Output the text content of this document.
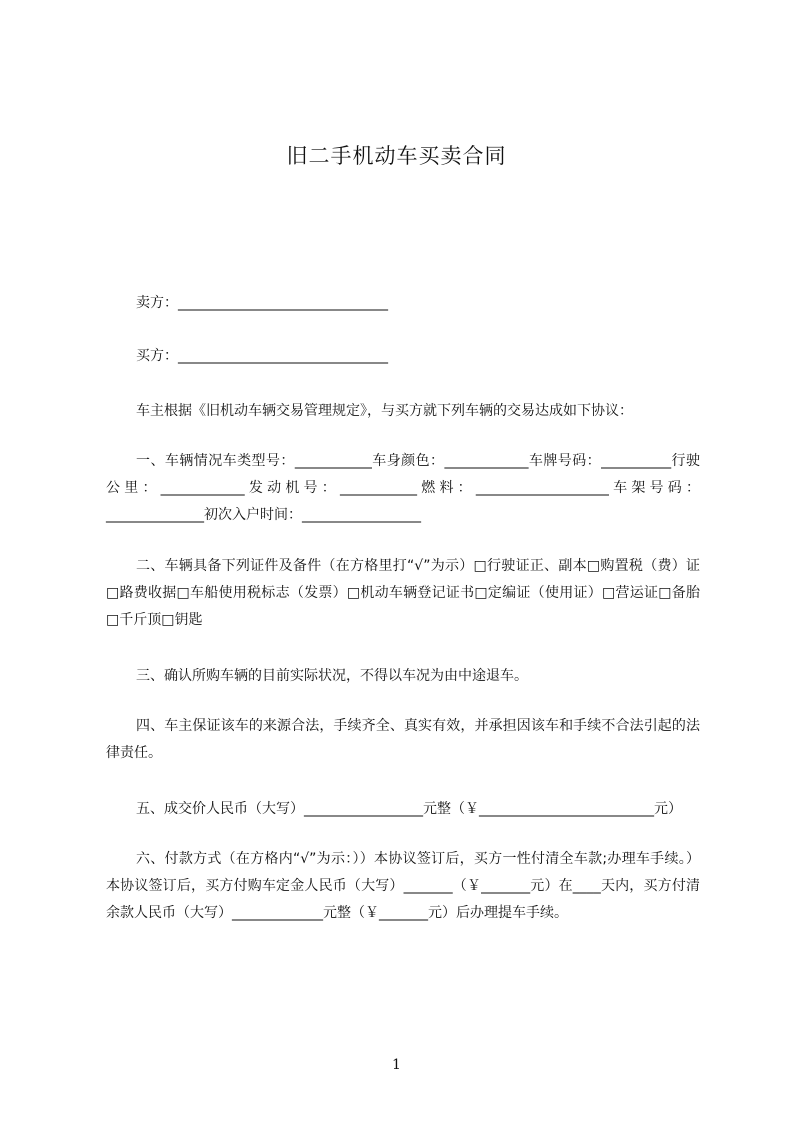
旧二手机动车买卖合同
卖方：______________________________
买方：______________________________
车主根据《旧机动车辆交易管理规定》，与买方就下列车辆的交易达成如下协议：
一、车辆情况车类型号：___________车身颜色：____________车牌号码：__________行驶公里：____________发动机号：___________燃料：___________________车架号码：______________初次入户时间：_________________
二、车辆具备下列证件及备件（在方格里打“√”为示）□行驶证正、副本□购置税（费）证□路费收据□车船使用税标志（发票）□机动车辆登记证书□定编证（使用证）□营运证□备胎□千斤顶□钥匙
三、确认所购车辆的目前实际状况，不得以车况为由中途退车。
四、车主保证该车的来源合法，手续齐全、真实有效，并承担因该车和手续不合法引起的法律责任。
五、成交价人民币（大写）_________________元整（￥_________________________元）
六、付款方式（在方格内“√”为示：））本协议签订后，买方一性付清全车款;办理车手续。）本协议签订后，买方付购车定金人民币（大写）_______（￥_______元）在____天内，买方付清余款人民币（大写）_____________元整（￥_______元）后办理提车手续。
1
